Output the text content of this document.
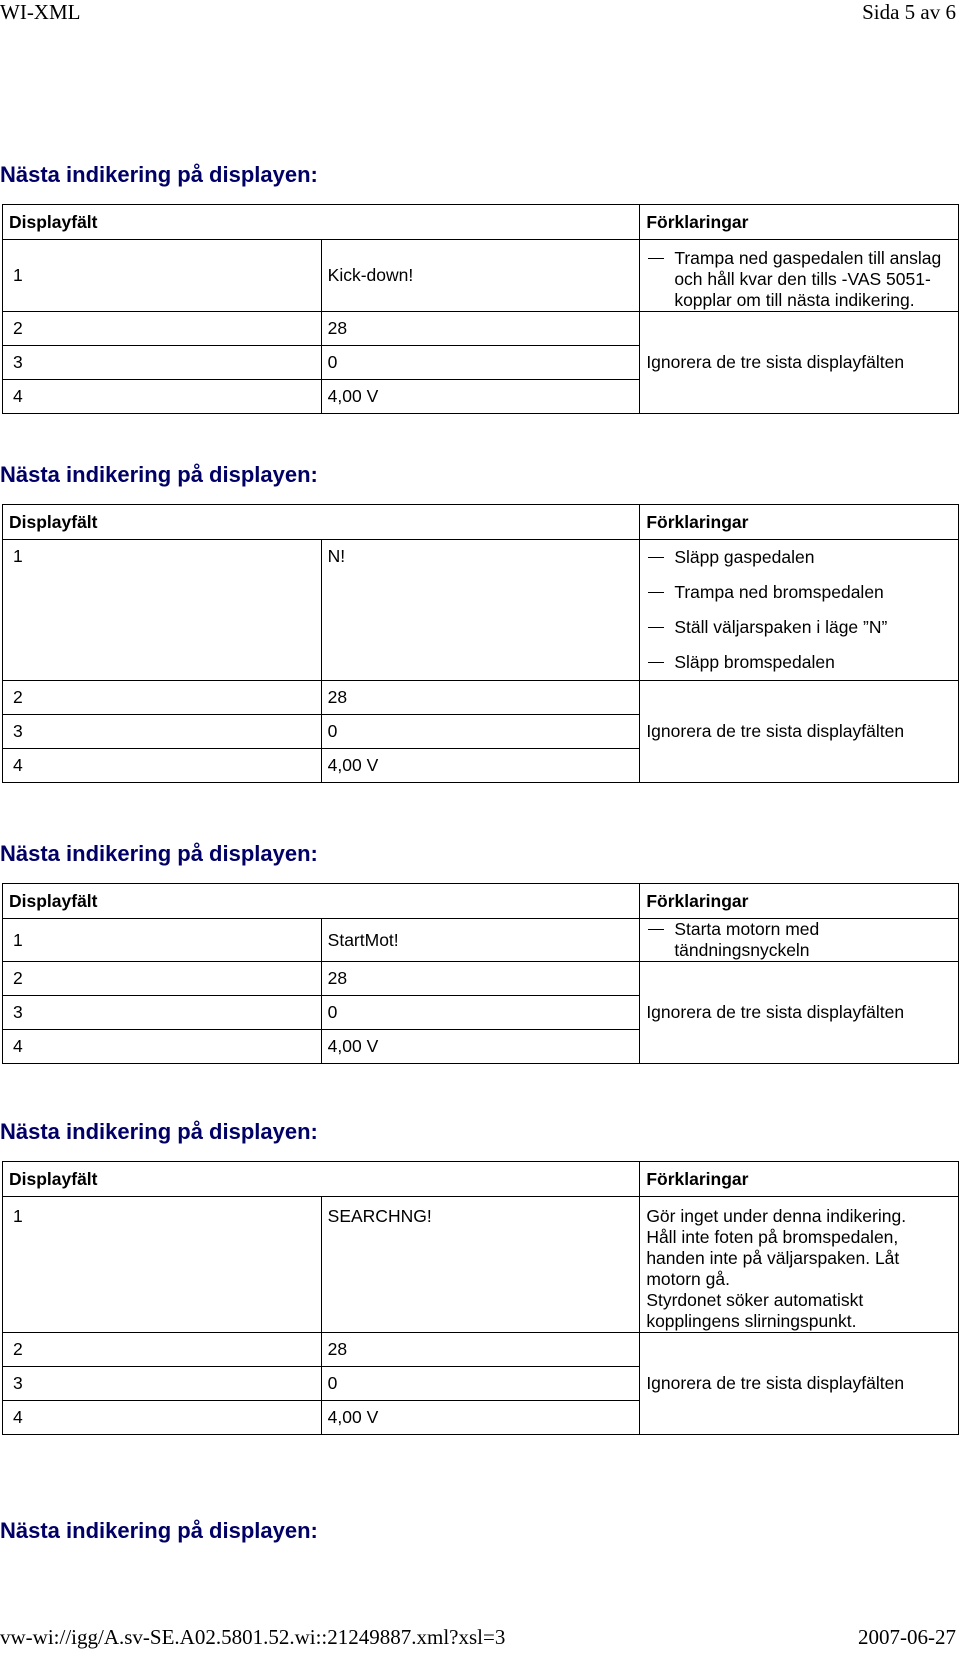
WI-XML	Sida 5 av 6
Nästa indikering på displayen:
Displayfält		Förklaringar
1	Kick-down!	Trampa ned gaspedalen till anslag och håll kvar den tills -VAS 5051- kopplar om till nästa indikering.

2	28	Ignorera de tre sista displayfälten
3	0	
4	4,00 V	
Nästa indikering på displayen:
Displayfält		Förklaringar
1	N!	Släpp gaspedalen
Trampa ned bromspedalen
Ställ väljarspaken i läge ”N”
Släpp bromspedalen

2	28	Ignorera de tre sista displayfälten
3	0	
4	4,00 V	
Nästa indikering på displayen:
Displayfält		Förklaringar
1	StartMot!	Starta motorn med tändningsnyckeln

2	28	Ignorera de tre sista displayfälten
3	0	
4	4,00 V	
Nästa indikering på displayen:
Displayfält		Förklaringar
1	SEARCHNG!	Gör inget under denna indikering.
Håll inte foten på bromspedalen, handen inte på väljarspaken. Låt motorn gå.
Styrdonet söker automatiskt kopplingens slirningspunkt.

2	28	Ignorera de tre sista displayfälten
3	0	
4	4,00 V	
Nästa indikering på displayen:
vw-wi://igg/A.sv-SE.A02.5801.52.wi::21249887.xml?xsl=3	2007-06-27
